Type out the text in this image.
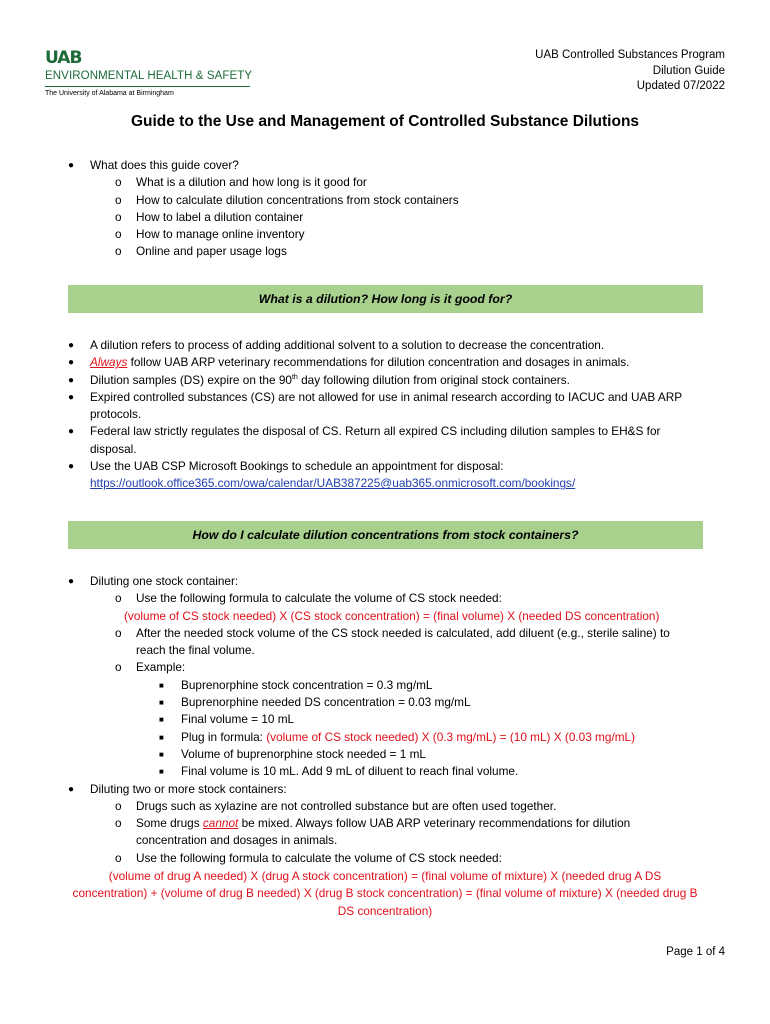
UAB
ENVIRONMENTAL HEALTH & SAFETY
The University of Alabama at Birmingham
UAB Controlled Substances Program
Dilution Guide
Updated 07/2022
Guide to the Use and Management of Controlled Substance Dilutions
● What does this guide cover?
o What is a dilution and how long is it good for
o How to calculate dilution concentrations from stock containers
o How to label a dilution container
o How to manage online inventory
o Online and paper usage logs
What is a dilution? How long is it good for?
● A dilution refers to process of adding additional solvent to a solution to decrease the concentration.
● Always follow UAB ARP veterinary recommendations for dilution concentration and dosages in animals.
● Dilution samples (DS) expire on the 90th day following dilution from original stock containers.
● Expired controlled substances (CS) are not allowed for use in animal research according to IACUC and UAB ARP
protocols.
● Federal law strictly regulates the disposal of CS. Return all expired CS including dilution samples to EH&S for
disposal.
● Use the UAB CSP Microsoft Bookings to schedule an appointment for disposal:
https://outlook.office365.com/owa/calendar/UAB387225@uab365.onmicrosoft.com/bookings/
How do I calculate dilution concentrations from stock containers?
● Diluting one stock container:
o Use the following formula to calculate the volume of CS stock needed:
(volume of CS stock needed) X (CS stock concentration) = (final volume) X (needed DS concentration)
o After the needed stock volume of the CS stock needed is calculated, add diluent (e.g., sterile saline) to
reach the final volume.
o Example:
■ Buprenorphine stock concentration = 0.3 mg/mL
■ Buprenorphine needed DS concentration = 0.03 mg/mL
■ Final volume = 10 mL
■ Plug in formula: (volume of CS stock needed) X (0.3 mg/mL) = (10 mL) X (0.03 mg/mL)
■ Volume of buprenorphine stock needed = 1 mL
■ Final volume is 10 mL. Add 9 mL of diluent to reach final volume.
● Diluting two or more stock containers:
o Drugs such as xylazine are not controlled substance but are often used together.
o Some drugs cannot be mixed. Always follow UAB ARP veterinary recommendations for dilution
concentration and dosages in animals.
o Use the following formula to calculate the volume of CS stock needed:
(volume of drug A needed) X (drug A stock concentration) = (final volume of mixture) X (needed drug A DS
concentration) + (volume of drug B needed) X (drug B stock concentration) = (final volume of mixture) X (needed drug B
DS concentration)
Page 1 of 4
